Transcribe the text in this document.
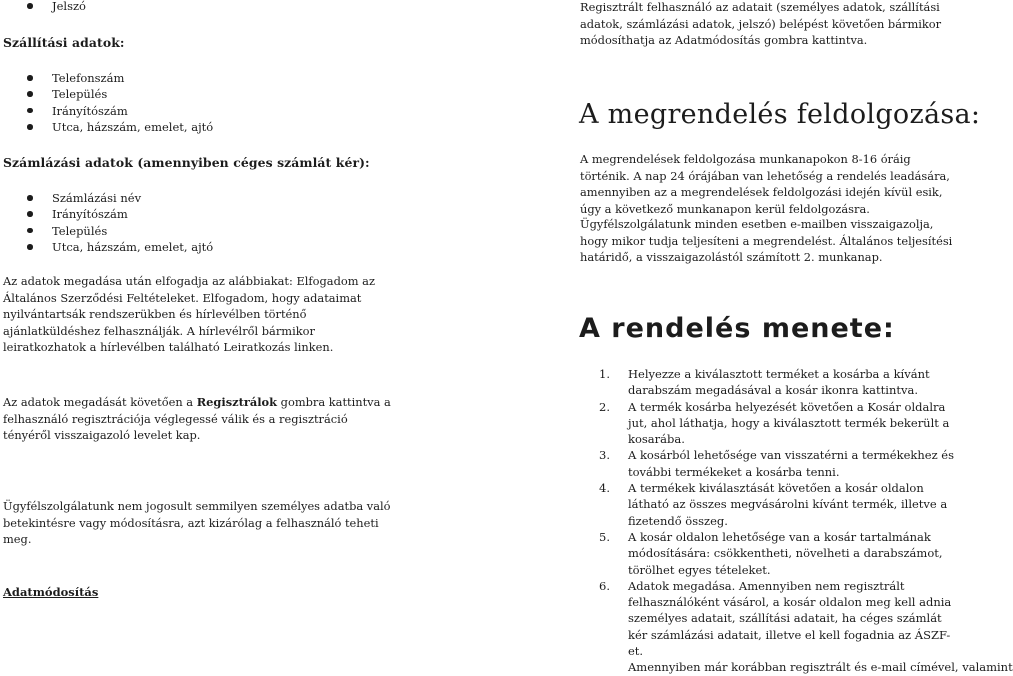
Jelszó
Szállítási adatok:
Telefonszám
Település
Irányítószám
Utca, házszám, emelet, ajtó
Számlázási adatok (amennyiben céges számlát kér):
Számlázási név
Irányítószám
Település
Utca, házszám, emelet, ajtó
Az adatok megadása után elfogadja az alábbiakat: Elfogadom az Általános Szerződési Feltételeket. Elfogadom, hogy adataimat nyilvántartsák rendszerükben és hírlevélben történő ajánlatküldéshez felhasználják. A hírlevélről bármikor leiratkozhatok a hírlevélben található Leiratkozás linken.
Az adatok megadását követően a Regisztrálok gombra kattintva a felhasználó regisztrációja véglegessé válik és a regisztráció tényéről visszaigazoló levelet kap.
Ügyfélszolgálatunk nem jogosult semmilyen személyes adatba való betekintésre vagy módosításra, azt kizárólag a felhasználó teheti meg.
Adatmódosítás
Regisztrált felhasználó az adatait (személyes adatok, szállítási adatok, számlázási adatok, jelszó) belépést követően bármikor módosíthatja az Adatmódosítás gombra kattintva.
A megrendelés feldolgozása:
A megrendelések feldolgozása munkanapokon 8-16 óráig történik. A nap 24 órájában van lehetőség a rendelés leadására, amennyiben az a megrendelések feldolgozási idején kívül esik, úgy a következő munkanapon kerül feldolgozásra.
Ügyfélszolgálatunk minden esetben e-mailben visszaigazolja, hogy mikor tudja teljesíteni a megrendelést. Általános teljesítési határidő, a visszaigazolástól számított 2. munkanap.
A rendelés menete:
1. Helyezze a kiválasztott terméket a kosárba a kívánt darabszám megadásával a kosár ikonra kattintva.
2. A termék kosárba helyezését követően a Kosár oldalra jut, ahol láthatja, hogy a kiválasztott termék bekerült a kosarába.
3. A kosárból lehetősége van visszatérni a termékekhez és további termékeket a kosárba tenni.
4. A termékek kiválasztását követően a kosár oldalon látható az összes megvásárolni kívánt termék, illetve a fizetendő összeg.
5. A kosár oldalon lehetősége van a kosár tartalmának módosítására: csökkentheti, növelheti a darabszámot, törölhet egyes tételeket.
6. Adatok megadása. Amennyiben nem regisztrált felhasználóként vásárol, a kosár oldalon meg kell adnia személyes adatait, szállítási adatait, ha céges számlát kér számlázási adatait, illetve el kell fogadnia az ÁSZF-et.
Amennyiben már korábban regisztrált és e-mail címével, valamint
